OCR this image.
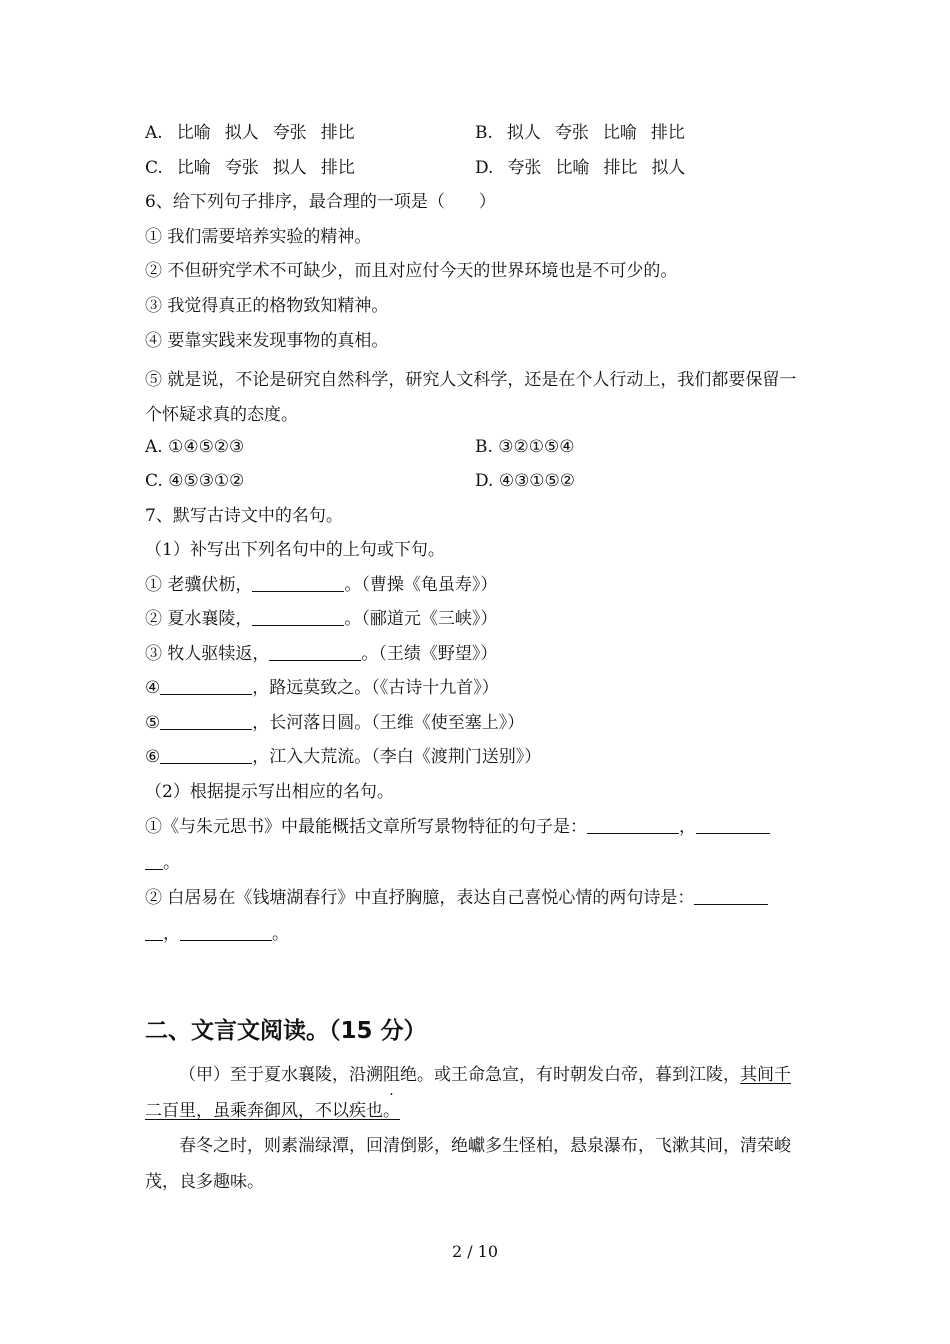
A. 比喻 拟人 夸张 排比	B. 拟人 夸张 比喻 排比
C. 比喻 夸张 拟人 排比	D. 夸张 比喻 排比 拟人
6、给下列句子排序，最合理的一项是（　　）
① 我们需要培养实验的精神。
② 不但研究学术不可缺少，而且对应付今天的世界环境也是不可少的。
③ 我觉得真正的格物致知精神。
④ 要靠实践来发现事物的真相。
⑤ 就是说，不论是研究自然科学，研究人文科学，还是在个人行动上，我们都要保留一个怀疑求真的态度。
A. ①④⑤②③	B. ③②①⑤④
C. ④⑤③①②	D. ④③①⑤②
7、默写古诗文中的名句。
（1）补写出下列名句中的上句或下句。
① 老骥伏枥，	。（曹操《龟虽寿》）
② 夏水襄陵，	。（郦道元《三峡》）
③ 牧人驱犊返，	。（王绩《野望》）
④	，路远莫致之。（《古诗十九首》）
⑤	，长河落日圆。（王维《使至塞上》）
⑥	，江入大荒流。（李白《渡荆门送别》）
（2）根据提示写出相应的名句。
①《与朱元思书》中最能概括文章所写景物特征的句子是：	，
。
② 白居易在《钱塘湖春行》中直抒胸臆，表达自己喜悦心情的两句诗是：
，	。
二、文言文阅读。（15 分）
（甲）至于夏水襄陵，沿溯阻绝。或王命急宣，有时朝发白帝，暮到江陵，其间千二百里，虽乘奔御风，不以疾也。
春冬之时，则素湍绿潭，回清倒影，绝巘多生怪柏，悬泉瀑布，飞漱其间，清荣峻茂，良多趣味。
2 / 10
